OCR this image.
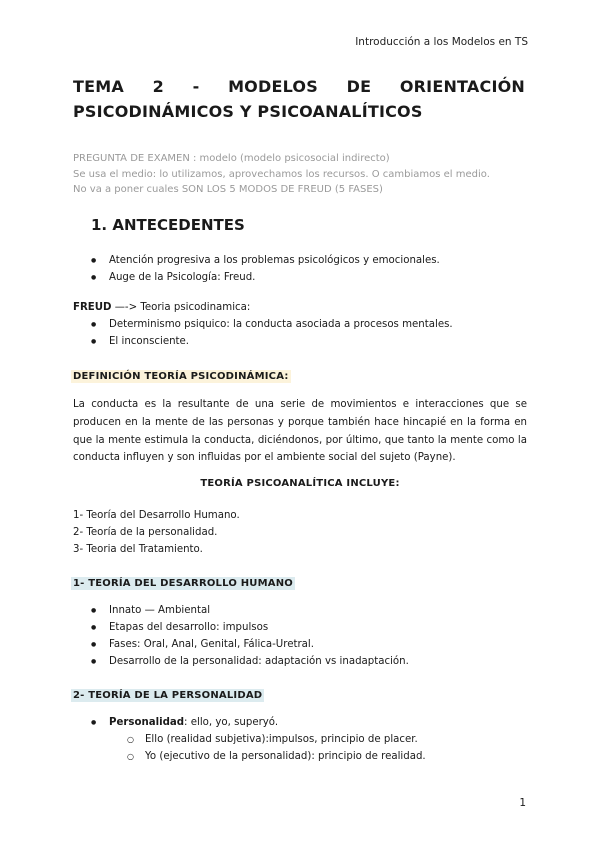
Introducción a los Modelos en TS
TEMA 2 - MODELOS DE ORIENTACIÓN
PSICODINÁMICOS Y PSICOANALÍTICOS
PREGUNTA DE EXAMEN : modelo (modelo psicosocial indirecto)
Se usa el medio: lo utilizamos, aprovechamos los recursos. O cambiamos el medio.
No va a poner cuales SON LOS 5 MODOS DE FREUD (5 FASES)
1. ANTECEDENTES
● Atención progresiva a los problemas psicológicos y emocionales.
● Auge de la Psicología: Freud.
FREUD —-> Teoria psicodinamica:
● Determinismo psiquico: la conducta asociada a procesos mentales.
● El inconsciente.
DEFINICIÓN TEORÍA PSICODINÁMICA:
La conducta es la resultante de una serie de movimientos e interacciones que se producen en la mente de las personas y porque también hace hincapié en la forma en que la mente estimula la conducta, diciéndonos, por último, que tanto la mente como la conducta influyen y son influidas por el ambiente social del sujeto (Payne).
TEORÍA PSICOANALÍTICA INCLUYE:
1- Teoría del Desarrollo Humano.
2- Teoría de la personalidad.
3- Teoria del Tratamiento.
1- TEORÍA DEL DESARROLLO HUMANO
● Innato — Ambiental
● Etapas del desarrollo: impulsos
● Fases: Oral, Anal, Genital, Fálica-Uretral.
● Desarrollo de la personalidad: adaptación vs inadaptación.
2- TEORÍA DE LA PERSONALIDAD
● Personalidad: ello, yo, superyó.
○ Ello (realidad subjetiva):impulsos, principio de placer.
○ Yo (ejecutivo de la personalidad): principio de realidad.
1
